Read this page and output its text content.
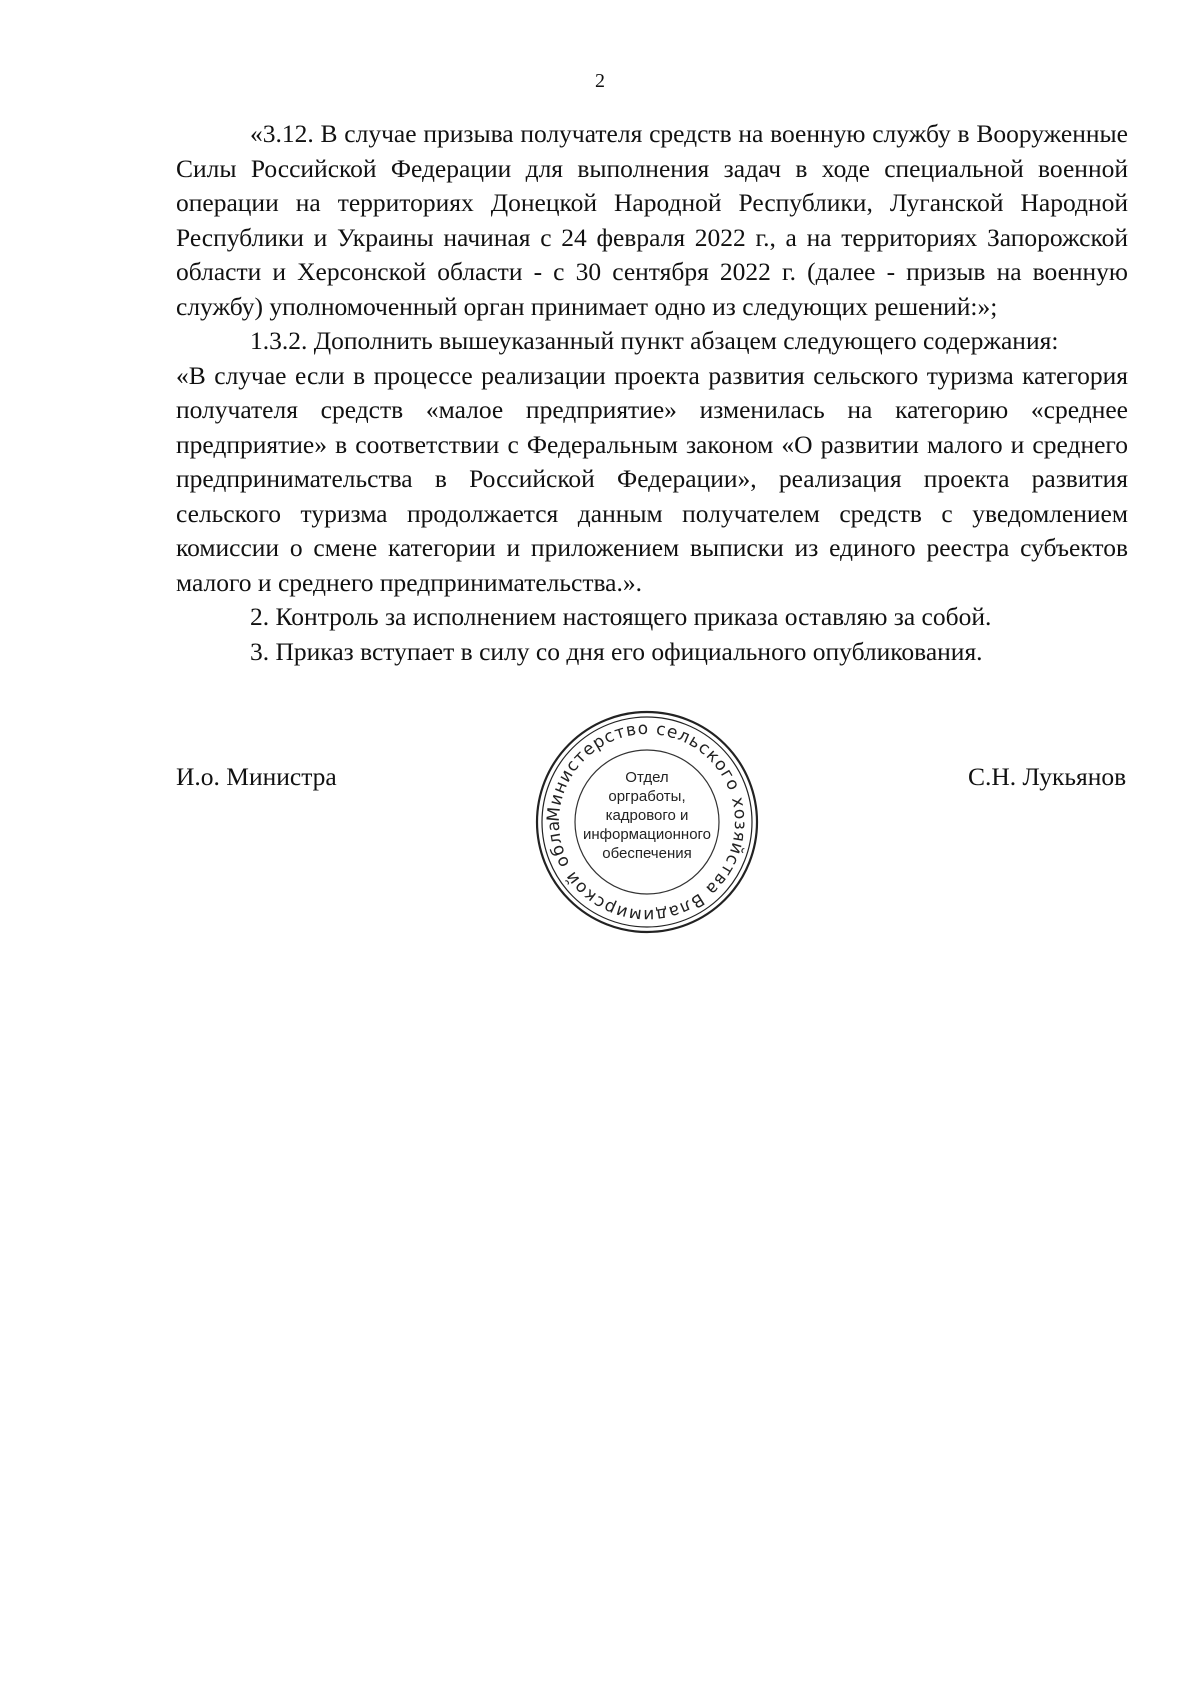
2

«3.12. В случае призыва получателя средств на военную службу в Вооруженные Силы Российской Федерации для выполнения задач в ходе специальной военной операции на территориях Донецкой Народной Республики, Луганской Народной Республики и Украины начиная с 24 февраля 2022 г., а на территориях Запорожской области и Херсонской области - с 30 сентября 2022 г. (далее - призыв на военную службу) уполномоченный орган принимает одно из следующих решений:»;

1.3.2. Дополнить вышеуказанный пункт абзацем следующего содержания:

«В случае если в процессе реализации проекта развития сельского туризма категория получателя средств «малое предприятие» изменилась на категорию «среднее предприятие» в соответствии с Федеральным законом «О развитии малого и среднего предпринимательства в Российской Федерации», реализация проекта развития сельского туризма продолжается данным получателем средств с уведомлением комиссии о смене категории и приложением выписки из единого реестра субъектов малого и среднего предпринимательства.».

2. Контроль за исполнением настоящего приказа оставляю за собой.

3. Приказ вступает в силу со дня его официального опубликования.

И.о. Министра
Министерство сельского хозяйства Владимирской обла
Отдел
оргработы,
кадрового и
информационного
обеспечения
С.Н. Лукьянов
